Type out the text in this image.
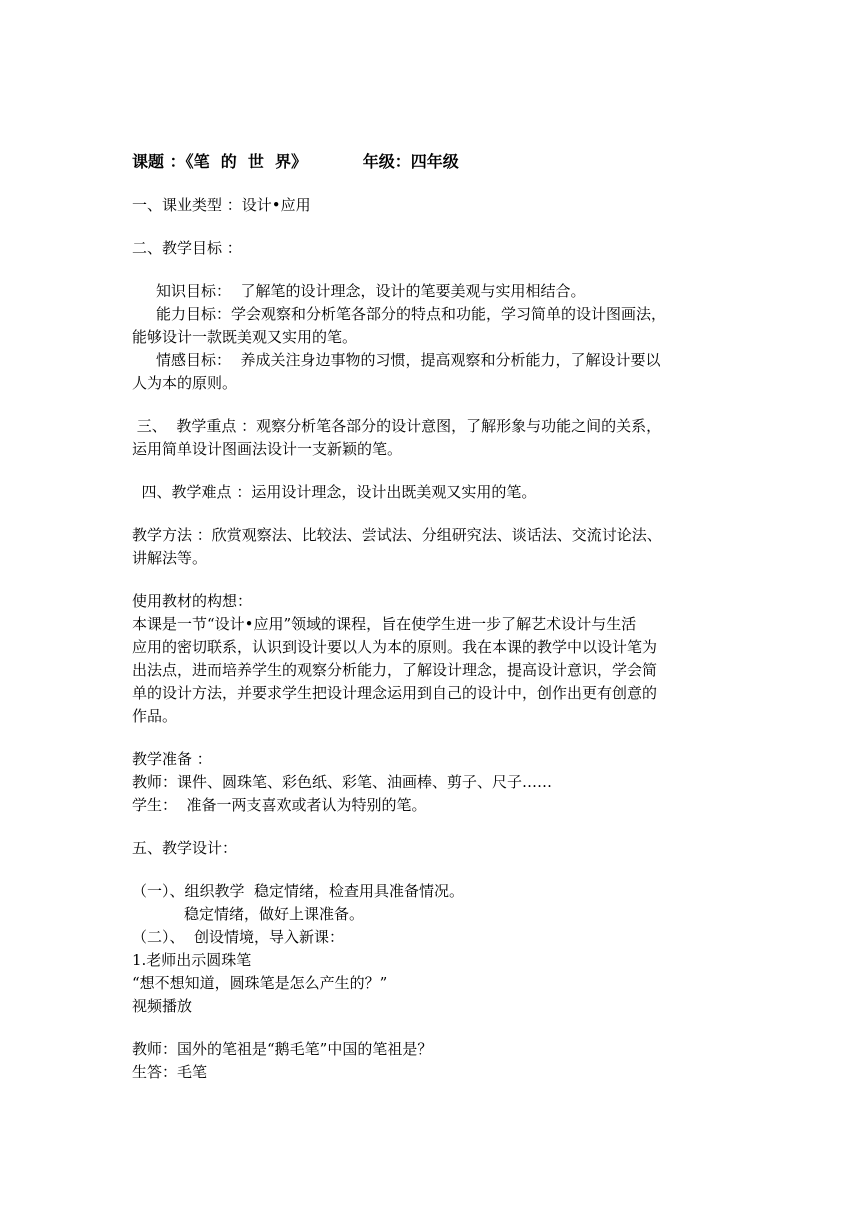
课题 ：《笔  的  世  界》          年级：四年级

一、课业类型 ：设计•应用

二、教学目标 ：

知识目标：  了解笔的设计理念，设计的笔要美观与实用相结合。

能力目标：学会观察和分析笔各部分的特点和功能，学习简单的设计图画法，

能够设计一款既美观又实用的笔。

情感目标：  养成关注身边事物的习惯，提高观察和分析能力，了解设计要以

人为本的原则。

三、  教学重点 ：观察分析笔各部分的设计意图，了解形象与功能之间的关系，

运用简单设计图画法设计一支新颖的笔。

四、教学难点 ：运用设计理念，设计出既美观又实用的笔。

教学方法 ：欣赏观察法、比较法、尝试法、分组研究法、谈话法、交流讨论法、

讲解法等。

使用教材的构想：

本课是一节“设计•应用”领域的课程，旨在使学生进一步了解艺术设计与生活

应用的密切联系，认识到设计要以人为本的原则。我在本课的教学中以设计笔为

出法点，进而培养学生的观察分析能力，了解设计理念，提高设计意识，学会简

单的设计方法，并要求学生把设计理念运用到自己的设计中，创作出更有创意的

作品。

教学准备 ：

教师：课件、圆珠笔、彩色纸、彩笔、油画棒、剪子、尺子……

学生：  准备一两支喜欢或者认为特别的笔。

五、教学设计：

（一）、组织教学  稳定情绪，检查用具准备情况。

稳定情绪，做好上课准备。

（二）、  创设情境，导入新课：

1.老师出示圆珠笔

“想不想知道，圆珠笔是怎么产生的？”

视频播放

教师：国外的笔祖是“鹅毛笔”中国的笔祖是？

生答：毛笔
